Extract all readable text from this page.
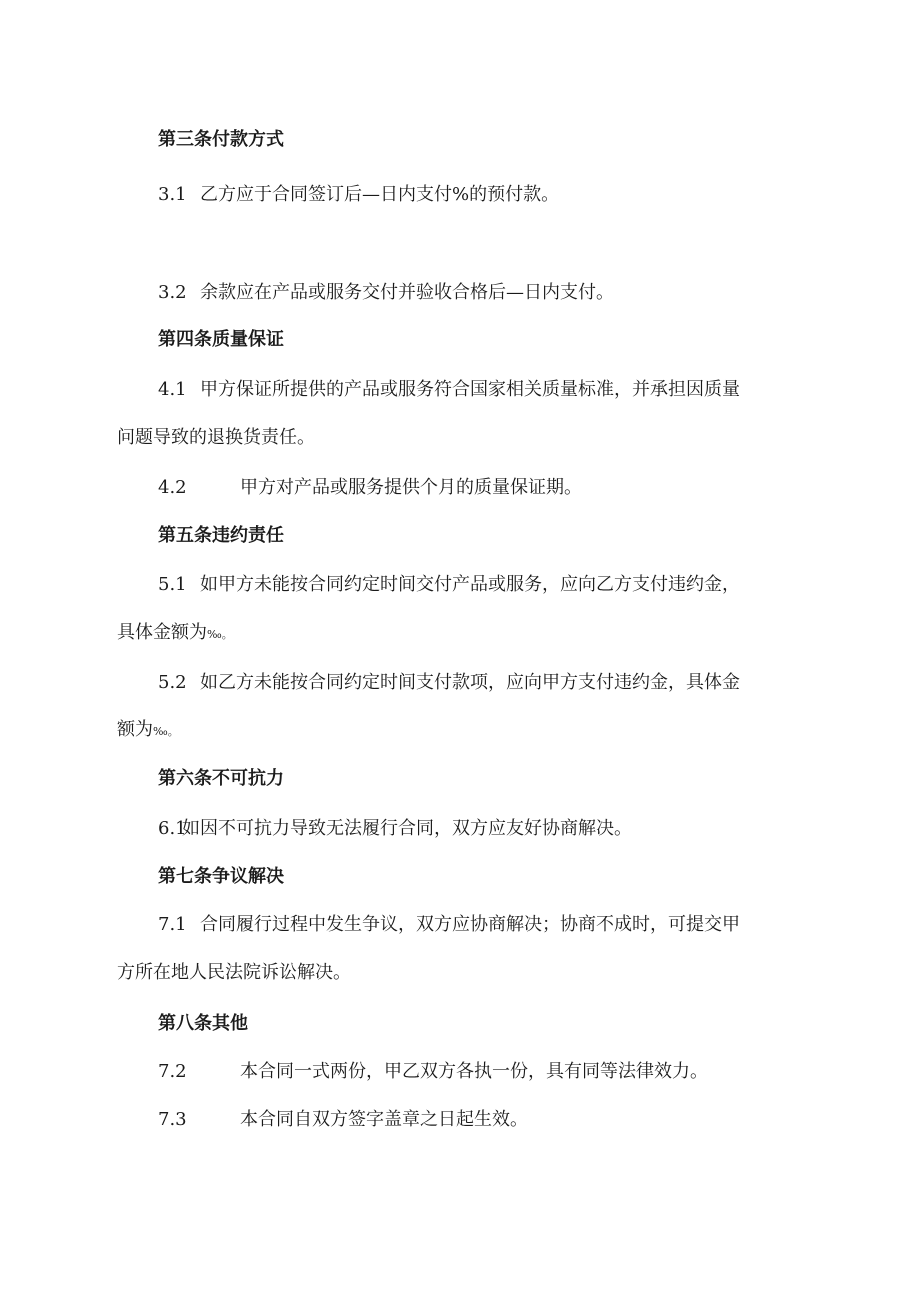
第三条付款方式
3.1 乙方应于合同签订后—日内支付%的预付款。
3.2 余款应在产品或服务交付并验收合格后—日内支付。
第四条质量保证
4.1 甲方保证所提供的产品或服务符合国家相关质量标准，并承担因质量
问题导致的退换货责任。
4.2	甲方对产品或服务提供个月的质量保证期。
第五条违约责任
5.1 如甲方未能按合同约定时间交付产品或服务，应向乙方支付违约金，
具体金额为‰。
5.2 如乙方未能按合同约定时间支付款项，应向甲方支付违约金，具体金
额为‰。
第六条不可抗力
6.1
如因不可抗力导致无法履行合同，双方应友好协商解决。
第七条争议解决
7.1 合同履行过程中发生争议，双方应协商解决；协商不成时，可提交甲
方所在地人民法院诉讼解决。
第八条其他
7.2	本合同一式两份，甲乙双方各执一份，具有同等法律效力。
7.3	本合同自双方签字盖章之日起生效。
